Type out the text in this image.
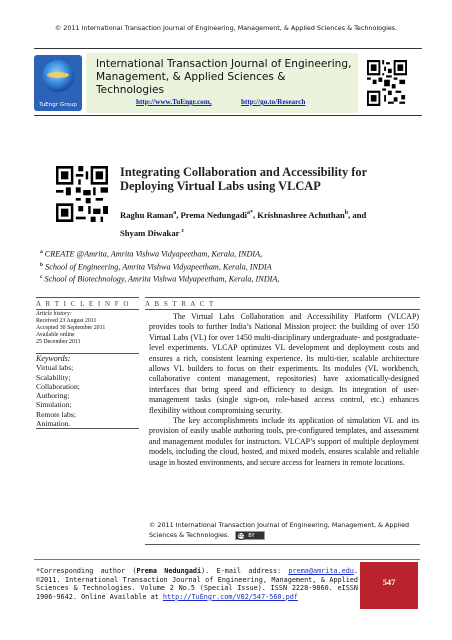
© 2011 International Transaction Journal of Engineering, Management, & Applied Sciences & Technologies.
TuEngr Group
International Transaction Journal of Engineering,
Management, & Applied Sciences & Technologies
http://www.TuEngr.com,	http://go.to/Research
Integrating Collaboration and Accessibility for
Deploying Virtual Labs using VLCAP
Raghu Raman$^a$, Prema Nedungadi$^{a*}$, Krishnashree Achuthan$^b$, and
Shyam Diwakar $^c$
$^a$ CREATE @Amrita, Amrita Vishwa Vidyapeetham, Kerala, INDIA,
$^b$ School of Engineering, Amrita Vishwa Vidyapeetham, Kerala, INDIA
$^c$ School of Biotechnology, Amrita Vishwa Vidyapeetham, Kerala, INDIA,
A R T I C L E I N F O A B S T R A C T
Article history:
Received 23 August 2011
Accepted 30 September 2011
Available online
25 December 2011
Keywords:
Virtual labs;
Scalability;
Collaboration;
Authoring;
Simulation;
Remote labs;
Animation.

The Virtual Labs Collaboration and Accessibility Platform (VLCAP) provides tools to further India’s National Mission project: the building of over 150 Virtual Labs (VL) for over 1450 multi-disciplinary undergraduate- and postgraduate-level experiments. VLCAP optimizes VL development and deployment costs and ensures a rich, consistent learning experience. Its multi-tier, scalable architecture allows VL builders to focus on their experiments. Its modules (VL workbench, collaborative content management, repositories) have axiomatically-designed interfaces that bring speed and efficiency to design. Its integration of user-management tasks (single sign-on, role-based access control, etc.) enhances flexibility without compromising security.

The key accomplishments include its application of simulation VL and its provision of easily usable authoring tools, pre-configured templates, and assessment and management modules for instructors. VLCAP’s support of multiple deployment models, including the cloud, hosted, and mixed models, ensures scalable and reliable usage in hosted environments, and secure access for learners in remote locations.

© 2011 International Transaction Journal of Engineering, Management, & Applied
Sciences & Technologies. cc BY
*Corresponding author (Prema Nedungadi). E-mail address: prema@amrita.edu. ©2011. International Transaction Journal of Engineering, Management, & Applied Sciences & Technologies. Volume 2 No.5 (Special Issue). ISSN 2228-9860. eISSN 1906-9642. Online Available at http://TuEngr.com/V02/547-560.pdf
547
